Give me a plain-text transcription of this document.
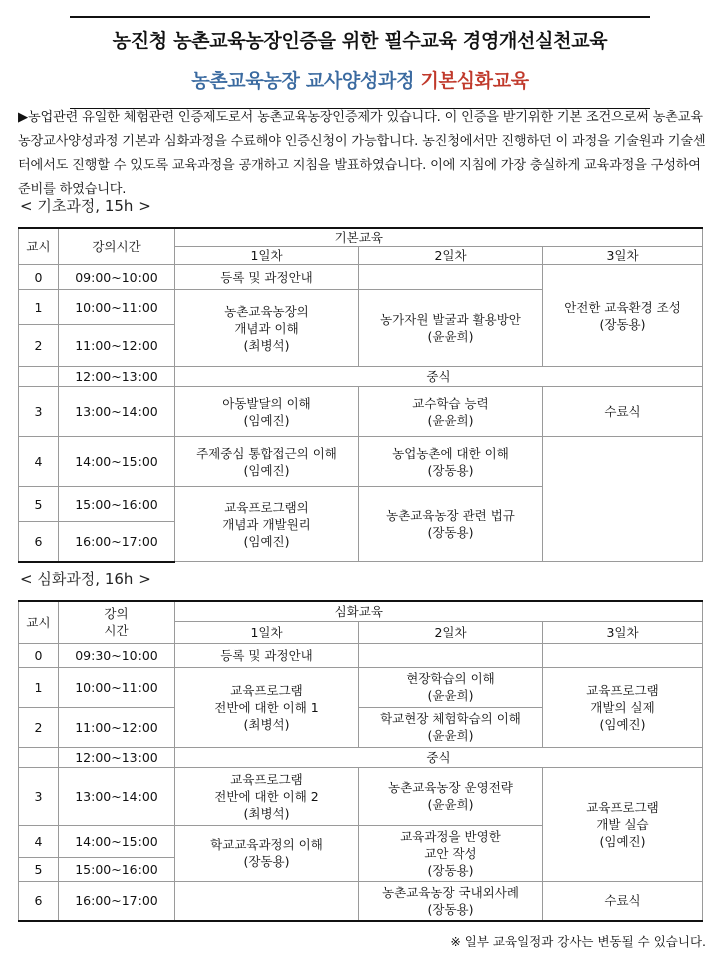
농진청 농촌교육농장인증을 위한 필수교육 경영개선실천교육
농촌교육농장 교사양성과정 기본심화교육
▶농업관련 유일한 체험관련 인증제도로서 농촌교육농장인증제가 있습니다. 이 인증을 받기위한 기본 조건으로써 농촌교육농장교사양성과정 기본과 심화과정을 수료해야 인증신청이 가능합니다. 농진청에서만 진행하던 이 과정을 기술원과 기술센터에서도 진행할 수 있도록 교육과정을 공개하고 지침을 발표하였습니다. 이에 지침에 가장 충실하게 교육과정을 구성하여 준비를 하였습니다.
< 기초과정, 15h >
교시	강의시간	기본교육		
		1일차	2일차	3일차
0	09:00~10:00	등록 및 과정안내		안전한 교육환경 조성
(장동용)
1	10:00~11:00	농촌교육농장의
개념과 이해
(최병석)	농가자원 발굴과 활용방안
(윤윤희)	
2	11:00~12:00			
	12:00~13:00	중식		
3	13:00~14:00	아동발달의 이해
(임예진)	교수학습 능력
(윤윤희)	수료식
4	14:00~15:00	주제중심 통합접근의 이해
(임예진)	농업농촌에 대한 이해
(장동용)	
5	15:00~16:00	교육프로그램의
개념과 개발원리
(임예진)	농촌교육농장 관련 법규
(장동용)	
6	16:00~17:00			
< 심화과정, 16h >
교시	강의
시간	심화교육		
		1일차	2일차	3일차
0	09:30~10:00	등록 및 과정안내		
1	10:00~11:00	교육프로그램
전반에 대한 이해 1
(최병석)	현장학습의 이해
(윤윤희)	교육프로그램
개발의 실제
(임예진)
2	11:00~12:00		학교현장 체험학습의 이해
(윤윤희)	
	12:00~13:00	중식		
3	13:00~14:00	교육프로그램
전반에 대한 이해 2
(최병석)	농촌교육농장 운영전략
(윤윤희)	교육프로그램
개발 실습
(임예진)
4	14:00~15:00	학교교육과정의 이해
(장동용)	교육과정을 반영한
교안 작성
(장동용)	
5	15:00~16:00			
6	16:00~17:00		농촌교육농장 국내외사례
(장동용)	수료식
※ 일부 교육일정과 강사는 변동될 수 있습니다.
